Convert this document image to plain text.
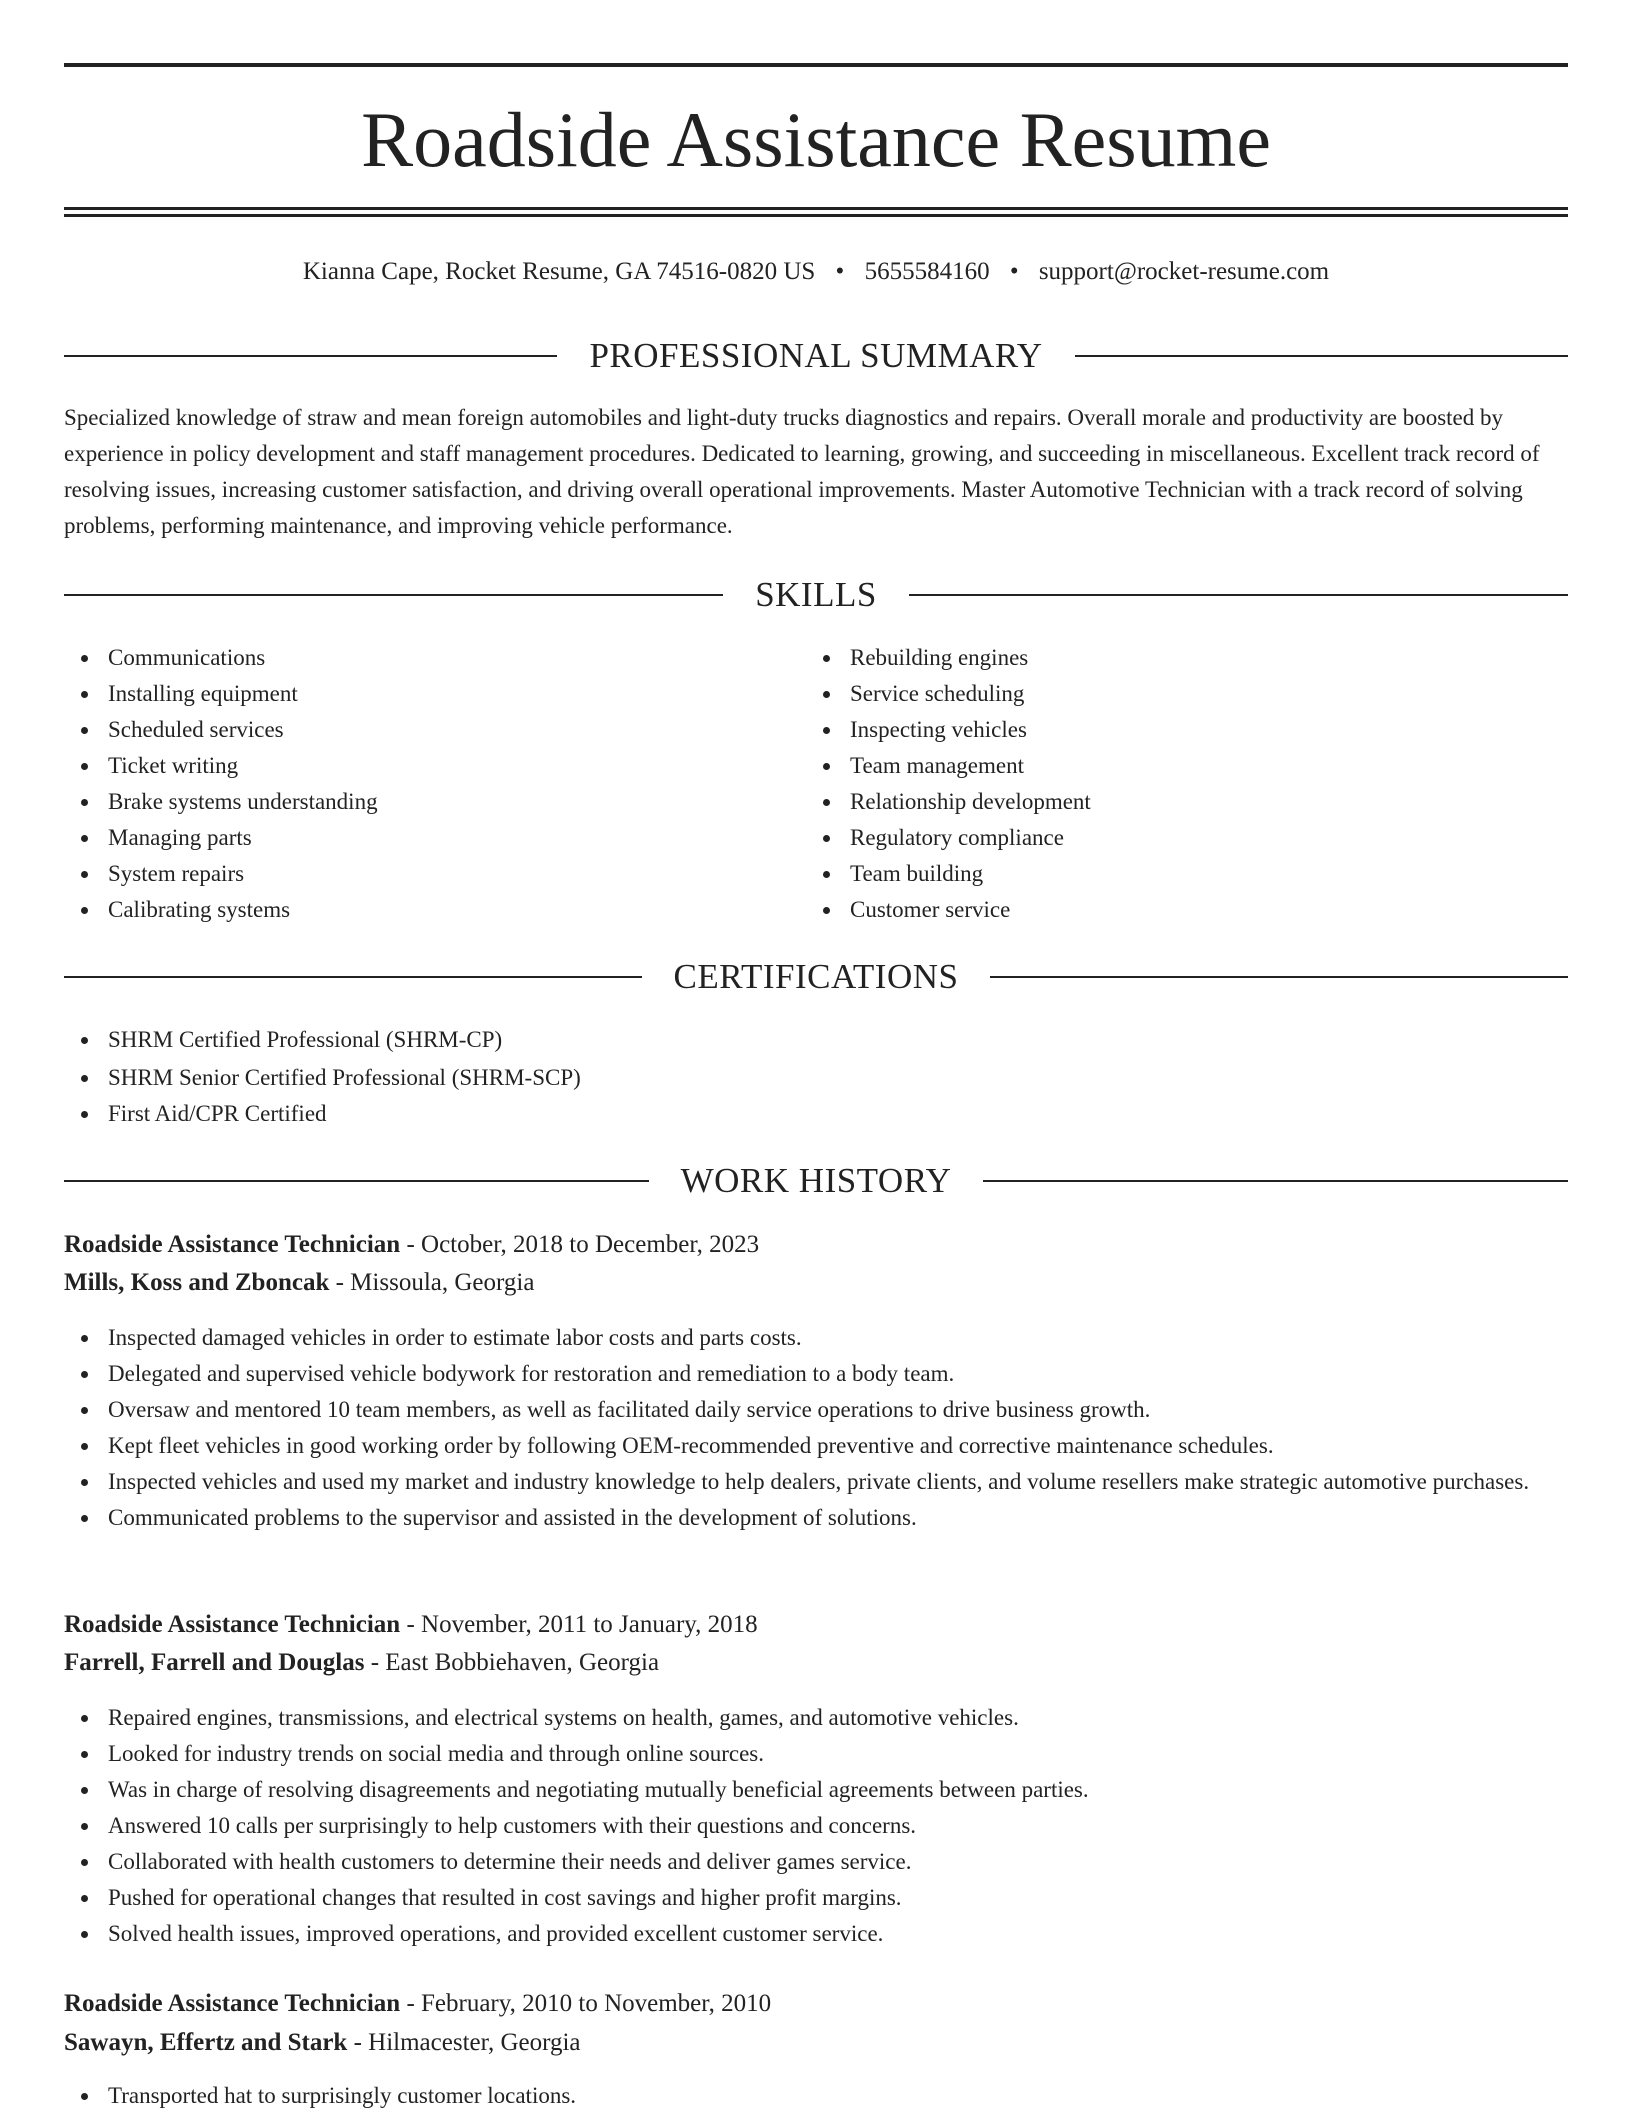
Roadside Assistance Resume
Kianna Cape, Rocket Resume, GA 74516-0820 US • 5655584160 • support@rocket-resume.com
PROFESSIONAL SUMMARY

Specialized knowledge of straw and mean foreign automobiles and light-duty trucks diagnostics and repairs. Overall morale and productivity are boosted by experience in policy development and staff management procedures. Dedicated to learning, growing, and succeeding in miscellaneous. Excellent track record of resolving issues, increasing customer satisfaction, and driving overall operational improvements. Master Automotive Technician with a track record of solving problems, performing maintenance, and improving vehicle performance.

SKILLS
Communications
Installing equipment
Scheduled services
Ticket writing
Brake systems understanding
Managing parts
System repairs
Calibrating systems
Rebuilding engines
Service scheduling
Inspecting vehicles
Team management
Relationship development
Regulatory compliance
Team building
Customer service
CERTIFICATIONS
SHRM Certified Professional (SHRM-CP)
SHRM Senior Certified Professional (SHRM-SCP)
First Aid/CPR Certified
WORK HISTORY
Roadside Assistance Technician - October, 2018 to December, 2023
Mills, Koss and Zboncak - Missoula, Georgia
Inspected damaged vehicles in order to estimate labor costs and parts costs.
Delegated and supervised vehicle bodywork for restoration and remediation to a body team.
Oversaw and mentored 10 team members, as well as facilitated daily service operations to drive business growth.
Kept fleet vehicles in good working order by following OEM-recommended preventive and corrective maintenance schedules.
Inspected vehicles and used my market and industry knowledge to help dealers, private clients, and volume resellers make strategic automotive purchases.
Communicated problems to the supervisor and assisted in the development of solutions.
Roadside Assistance Technician - November, 2011 to January, 2018
Farrell, Farrell and Douglas - East Bobbiehaven, Georgia
Repaired engines, transmissions, and electrical systems on health, games, and automotive vehicles.
Looked for industry trends on social media and through online sources.
Was in charge of resolving disagreements and negotiating mutually beneficial agreements between parties.
Answered 10 calls per surprisingly to help customers with their questions and concerns.
Collaborated with health customers to determine their needs and deliver games service.
Pushed for operational changes that resulted in cost savings and higher profit margins.
Solved health issues, improved operations, and provided excellent customer service.
Roadside Assistance Technician - February, 2010 to November, 2010
Sawayn, Effertz and Stark - Hilmacester, Georgia
Transported hat to surprisingly customer locations.
